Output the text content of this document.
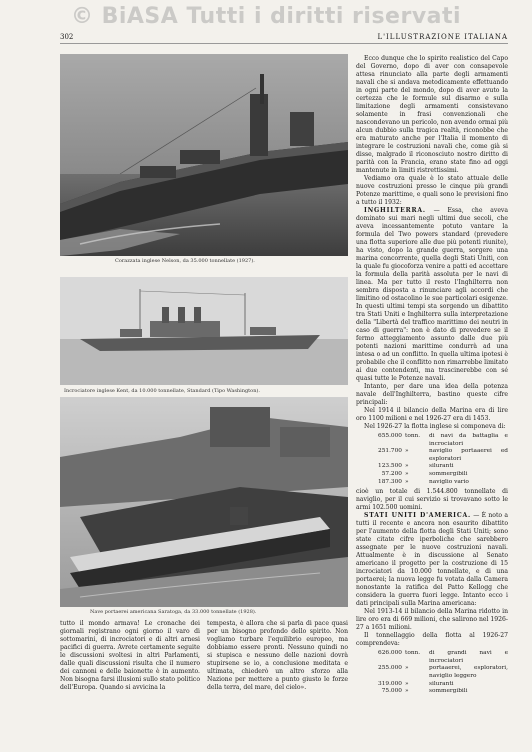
© BiASA Tutti i diritti riservati
302	L'ILLUSTRAZIONE ITALIANA
Corazzata inglese Nelson, da 35.000 tonnellate (1927).
Incrociatore inglese Kent, da 10.000 tonnellate, Standard (Tipo Washington).
Nave portaerei americana Saratoga, da 33.000 tonnellate (1928).

Ecco dunque che lo spirito realistico del Capo del Governo, dopo di aver con consapevole attesa rinunciato alla parte degli armamenti navali che si andava metodicamente effettuando in ogni parte del mondo, dopo di aver avuto la certezza che le formule sul disarmo e sulla limitazione degli armamenti consistevano solamente in frasi convenzionali che nascondevano un pericolo, non avendo ormai più alcun dubbio sulla tragica realtà, riconobbe che era maturato anche per l'Italia il momento di integrare le costruzioni navali che, come già si disse, malgrado il riconosciuto nostro diritto di parità con la Francia, erano state fino ad oggi mantenute in limiti ristrettissimi.

Vediamo ora quale è lo stato attuale delle nuove costruzioni presso le cinque più grandi Potenze marittime, e quali sono le previsioni fino a tutto il 1932:

INGHILTERRA. — Essa, che aveva dominato sui mari negli ultimi due secoli, che aveva incessantemente potuto vantare la formula del Two powers standard (prevedere una flotta superiore alle due più potenti riunite), ha visto, dopo la grande guerra, sorgere una marina concorrente, quella degli Stati Uniti, con la quale fu giocoforza venire a patti ed accettare la formula della parità assoluta per le navi di linea. Ma per tutto il resto l'Inghilterra non sembra disposta a rinunciare agli accordi che limitino od ostacolino le sue particolari esigenze. In questi ultimi tempi sta sorgendo un dibattito tra Stati Uniti e Inghilterra sulla interpretazione della "Libertà del traffico marittimo dei neutri in caso di guerra": non è dato di prevedere se il fermo atteggiamento assunto dalle due più potenti nazioni marittime condurrà ad una intesa o ad un conflitto. In quella ultima ipotesi è probabile che il conflitto non rimarrebbe limitato ai due contendenti, ma trascinerebbe con sé quasi tutte le Potenze navali.

Intanto, per dare una idea della potenza navale dell'Inghilterra, bastino queste cifre principali:

Nel 1914 il bilancio della Marina era di lire oro 1100 milioni e nel 1926-27 era di 1453.

Nel 1926-27 la flotta inglese si componeva di:

655.000 tonn.	di navi da battaglia e incrociatori
251.700 »	naviglio portaaerei ed esploratori
123.500 »	siluranti
57.200 »	sommergibili
187.300 »	naviglio vario

cioè un totale di 1.544.800 tonnellate di naviglio, per il cui servizio si trovavano sotto le armi 102.500 uomini.

STATI UNITI D'AMERICA. — È noto a tutti il recente e ancora non esaurito dibattito per l'aumento della flotta degli Stati Uniti; sono state citate cifre iperboliche che sarebbero assegnate per le nuove costruzioni navali. Attualmente è in discussione al Senato americano il progetto per la costruzione di 15 incrociatori da 10.000 tonnellate, e di una portaerei; la nuova legge fu votata dalla Camera nonostante la ratifica del Patto Kellogg che considera la guerra fuori legge. Intanto ecco i dati principali sulla Marina americana:

Nel 1913-14 il bilancio della Marina ridotto in lire oro era di 669 milioni, che salirono nel 1926-27 a 1651 milioni.

Il tonnellaggio della flotta al 1926-27 comprendeva:

626.000 tonn.	di grandi navi e incrociatori
255.000 »	portaaerei, esploratori, naviglio leggero
319.000 »	siluranti
75.000 »	sommergibili

tutto il mondo armava! Le cronache dei giornali registrano ogni giorno il varo di sottomarini, di incrociatori e di altri arnesi pacifici di guerra. Avrete certamente seguite le discussioni svoltesi in altri Parlamenti, dalle quali discussioni risulta che il numero dei cannoni e delle baionette è in aumento. Non bisogna farsi illusioni sullo stato politico dell'Europa. Quando si avvicina la

tempesta, è allora che si parla di pace quasi per un bisogno profondo dello spirito. Non vogliamo turbare l'equilibrio europeo, ma dobbiamo essere pronti. Nessuno quindi no si stupisca e nessuno delle nazioni dovrà stupirsene se io, a conclusione meditata e ultimata, chiederò un altro sforzo alla Nazione per mettere a punto giusto le forze della terra, del mare, del cielo».
